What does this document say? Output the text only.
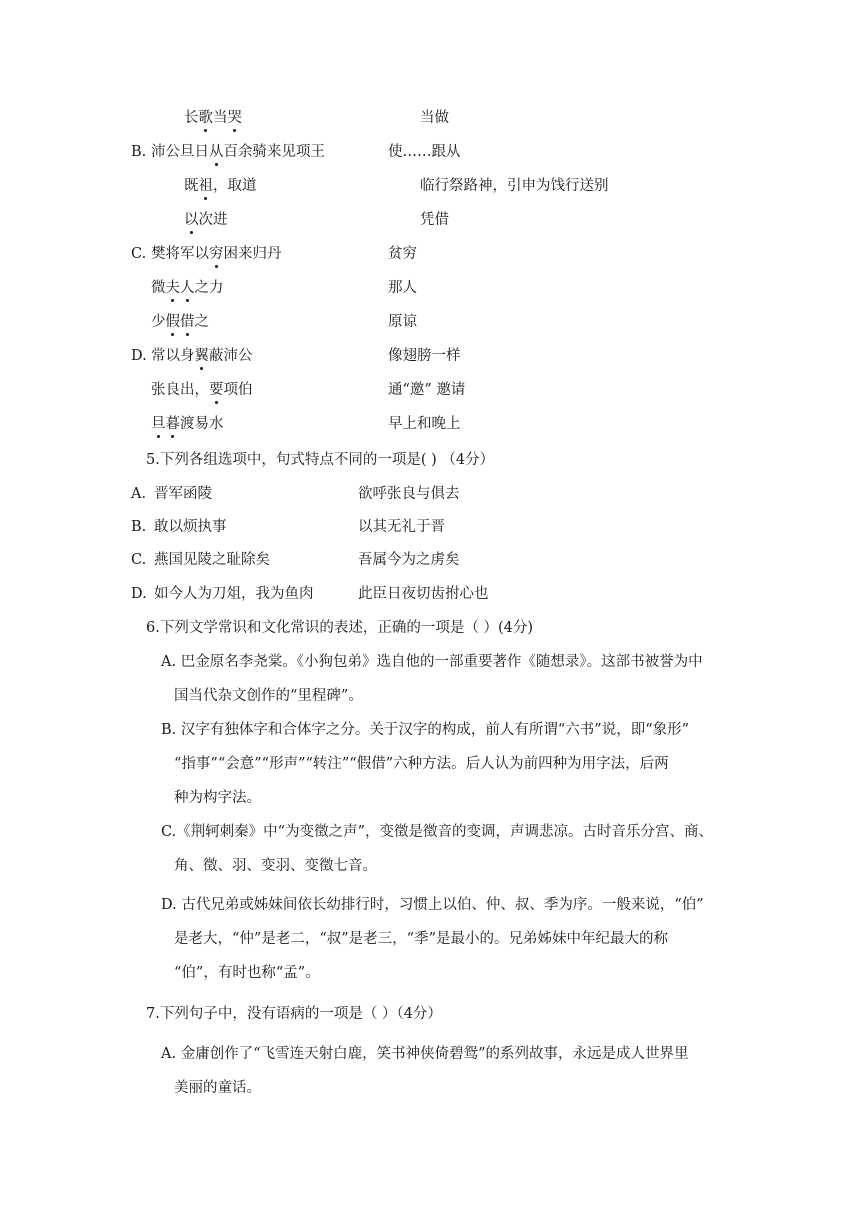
长歌当哭	当做
B. 沛公旦日从百余骑来见项王	使……跟从
既祖，取道	临行祭路神，引申为饯行送别
以次进	凭借
C. 樊将军以穷困来归丹	贫穷
微夫人之力	那人
少假借之	原谅
D. 常以身翼蔽沛公	像翅膀一样
张良出，要项伯	通“邀” 邀请
旦暮渡易水	早上和晚上
5.下列各组选项中，句式特点不同的一项是( ) （4分）
A. 晋军函陵	欲呼张良与俱去
B. 敢以烦执事	以其无礼于晋
C. 燕国见陵之耻除矣	吾属今为之虏矣
D. 如今人为刀俎，我为鱼肉	此臣日夜切齿拊心也
6.下列文学常识和文化常识的表述，正确的一项是（ ）(4分)
A. 巴金原名李尧棠。《小狗包弟》选自他的一部重要著作《随想录》。这部书被誉为中
国当代杂文创作的“里程碑”。
B. 汉字有独体字和合体字之分。关于汉字的构成，前人有所谓“六书”说，即“象形”
“指事”“会意”“形声”“转注”“假借”六种方法。后人认为前四种为用字法，后两
种为构字法。
C.《荆轲刺秦》中“为变徵之声”，变徵是徵音的变调，声调悲凉。古时音乐分宫、商、
角、徵、羽、变羽、变徵七音。
D. 古代兄弟或姊妹间依长幼排行时，习惯上以伯、仲、叔、季为序。一般来说，“伯”
是老大，“仲”是老二，“叔”是老三，“季”是最小的。兄弟姊妹中年纪最大的称
“伯”，有时也称“孟”。
7.下列句子中，没有语病的一项是（ ）（4分）
A. 金庸创作了“飞雪连天射白鹿，笑书神侠倚碧鸳”的系列故事，永远是成人世界里
美丽的童话。
